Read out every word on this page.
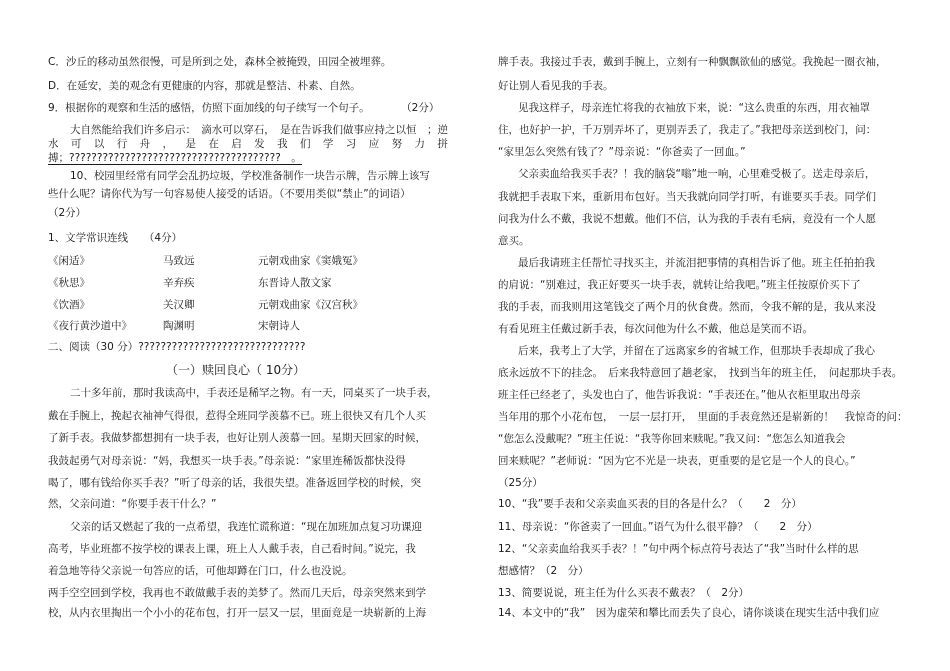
C．沙丘的移动虽然很慢，可是所到之处，森林全被掩毁，田园全被埋葬。
D．在延安，美的观念有更健康的内容，那就是整洁、朴素、自然。
9．根据你的观察和生活的感悟，仿照下面加线的句子续写一个句子。　　　　（2分）
大自然能给我们许多启示：　滴水可以穿石，　是在告诉我们做事应持之以恒　；逆
水 可 以 行 舟 ， 是 在 启 发 我 们 学 习 应 努 力 拼
搏；??????????????????????????????????????　。
10、校园里经常有同学会乱扔垃圾，学校准备制作一块告示牌，告示牌上该写
些什么呢？请你代为写一句容易使人接受的话语。（不要用类似“禁止”的词语）
（2分）
1、文学常识连线　　（4分）
《闲适》	马致远	元朝戏曲家《窦娥冤》
《秋思》	辛弃疾	东晋诗人散文家
《饮酒》	关汉卿	元朝戏曲家《汉宫秋》
《夜行黄沙道中》	陶渊明	宋朝诗人
二、阅读（30 分）??????????????????????????????
（一）赎回良心（ 10分）
二十多年前，那时我读高中，手表还是稀罕之物。有一天，同桌买了一块手表，
戴在手腕上，挽起衣袖神气得很，惹得全班同学羡慕不已。班上很快又有几个人买
了新手表。我做梦都想拥有一块手表，也好让别人羡慕一回。星期天回家的时候，
我鼓起勇气对母亲说：“妈，我想买一块手表。”母亲说：“家里连稀饭都快没得
喝了，哪有钱给你买手表？”听了母亲的话，我很失望。准备返回学校的时候，突
然，父亲问道：“你要手表干什么？”
父亲的话又燃起了我的一点希望，我连忙谎称道：“现在加班加点复习功课迎
高考，毕业班都不按学校的课表上课，班上人人戴手表，自己看时间。”说完，我
着急地等待父亲说一句答应的话，可他却蹲在门口，什么也没说。
两手空空回到学校，我再也不敢做戴手表的美梦了。然而几天后，母亲突然来到学
校，从内衣里掏出一个小小的花布包，打开一层又一层，里面竟是一块崭新的上海
牌手表。我接过手表，戴到手腕上，立刻有一种飘飘欲仙的感觉。我挽起一圈衣袖，
好让别人看见我的手表。
见我这样子，母亲连忙将我的衣袖放下来，说：“这么贵重的东西，用衣袖罩
住，也好护一护，千万别弄坏了，更别弄丢了，我走了。”我把母亲送到校门，问：
“家里怎么突然有钱了？”母亲说：“你爸卖了一回血。”
父亲卖血给我买手表？！我的脑袋“嗡”地一响，心里难受极了。送走母亲后，
我就把手表取下来，重新用布包好。当天我就向同学打听，有谁要买手表。同学们
问我为什么不戴，我说不想戴。他们不信，认为我的手表有毛病，竟没有一个人愿
意买。
最后我请班主任帮忙寻找买主，并流泪把事情的真相告诉了他。班主任拍拍我
的肩说：“别难过，我正好要买一块手表，就转让给我吧。”班主任按原价买下了
我的手表，而我则用这笔钱交了两个月的伙食费。然而，令我不解的是，我从来没
有看见班主任戴过新手表，每次问他为什么不戴，他总是笑而不语。
后来，我考上了大学，并留在了远离家乡的省城工作，但那块手表却成了我心
底永远放不下的挂念。　后来我特意回了趟老家，　找到当年的班主任，　问起那块手表。
班主任已经老了，头发也白了，他告诉我说：“手表还在。”他从衣柜里取出母亲
当年用的那个小花布包，　一层一层打开，　里面的手表竟然还是崭新的！　我惊奇的问：
“您怎么没戴呢？”班主任说：“我等你回来赎呢。”我又问：“您怎么知道我会
回来赎呢？”老师说：“因为它不光是一块表，更重要的是它是一个人的良心。”
（25分）
10、“我”要手表和父亲卖血买表的目的各是什么？（　　2　分）
11、母亲说：“你爸卖了一回血。”语气为什么很平静？（　　2　分）
12、“父亲卖血给我买手表？！”句中两个标点符号表达了“我”当时什么样的思
想感情？（2　分）
13、简要说说，班主任为什么买表不戴表？（　2分）
14、本文中的“我”　因为虚荣和攀比而丢失了良心，请你谈谈在现实生活中我们应
